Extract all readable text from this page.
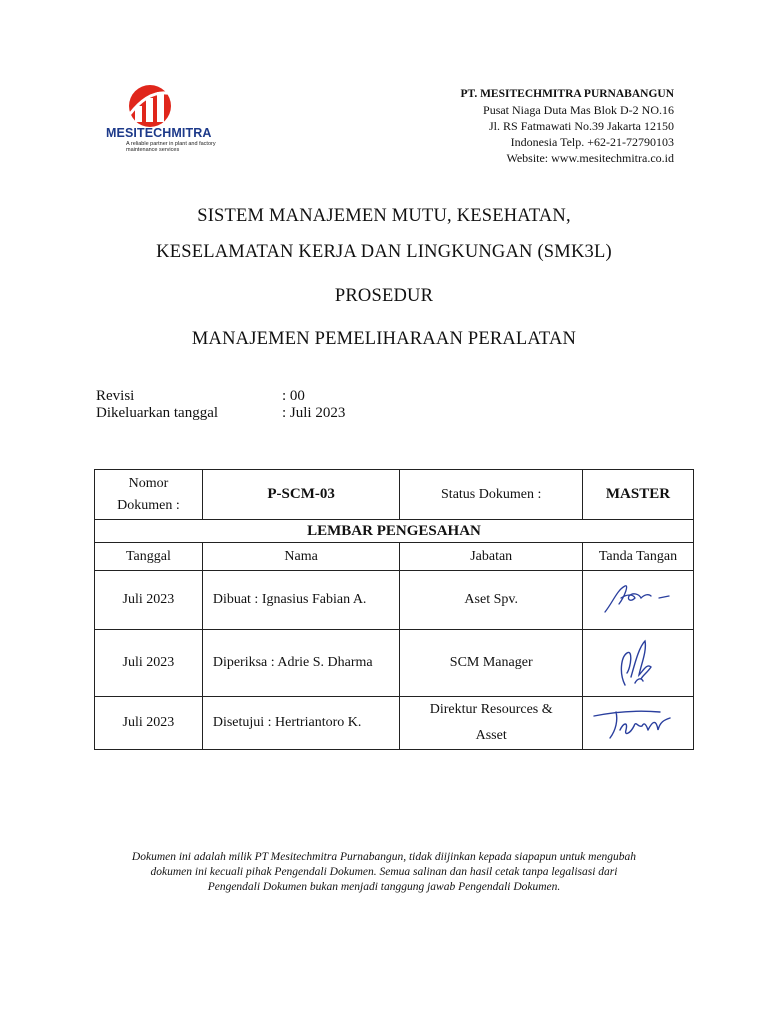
MESITECHMITRA
A reliable partner in plant and factory maintenance services
PT. MESITECHMITRA PURNABANGUN
Pusat Niaga Duta Mas Blok D-2 NO.16
Jl. RS Fatmawati No.39 Jakarta 12150
Indonesia Telp. +62-21-72790103
Website: www.mesitechmitra.co.id
SISTEM MANAJEMEN MUTU, KESEHATAN,
KESELAMATAN KERJA DAN LINGKUNGAN (SMK3L)
PROSEDUR
MANAJEMEN PEMELIHARAAN PERALATAN
Revisi	: 00
Dikeluarkan tanggal	: Juli 2023
Nomor
Dokumen :	P-SCM-03	Status Dokumen :	MASTER
LEMBAR PENGESAHAN			
Tanggal	Nama	Jabatan	Tanda Tangan
Juli 2023	Dibuat : Ignasius Fabian A.	Aset Spv.	

Juli 2023	Diperiksa : Adrie S. Dharma	SCM Manager	

Juli 2023	Disetujui : Hertriantoro K.	Direktur Resources &
Asset

Dokumen ini adalah milik PT Mesitechmitra Purnabangun, tidak diijinkan kepada siapapun untuk mengubah
dokumen ini kecuali pihak Pengendali Dokumen. Semua salinan dan hasil cetak tanpa legalisasi dari
Pengendali Dokumen bukan menjadi tanggung jawab Pengendali Dokumen.
